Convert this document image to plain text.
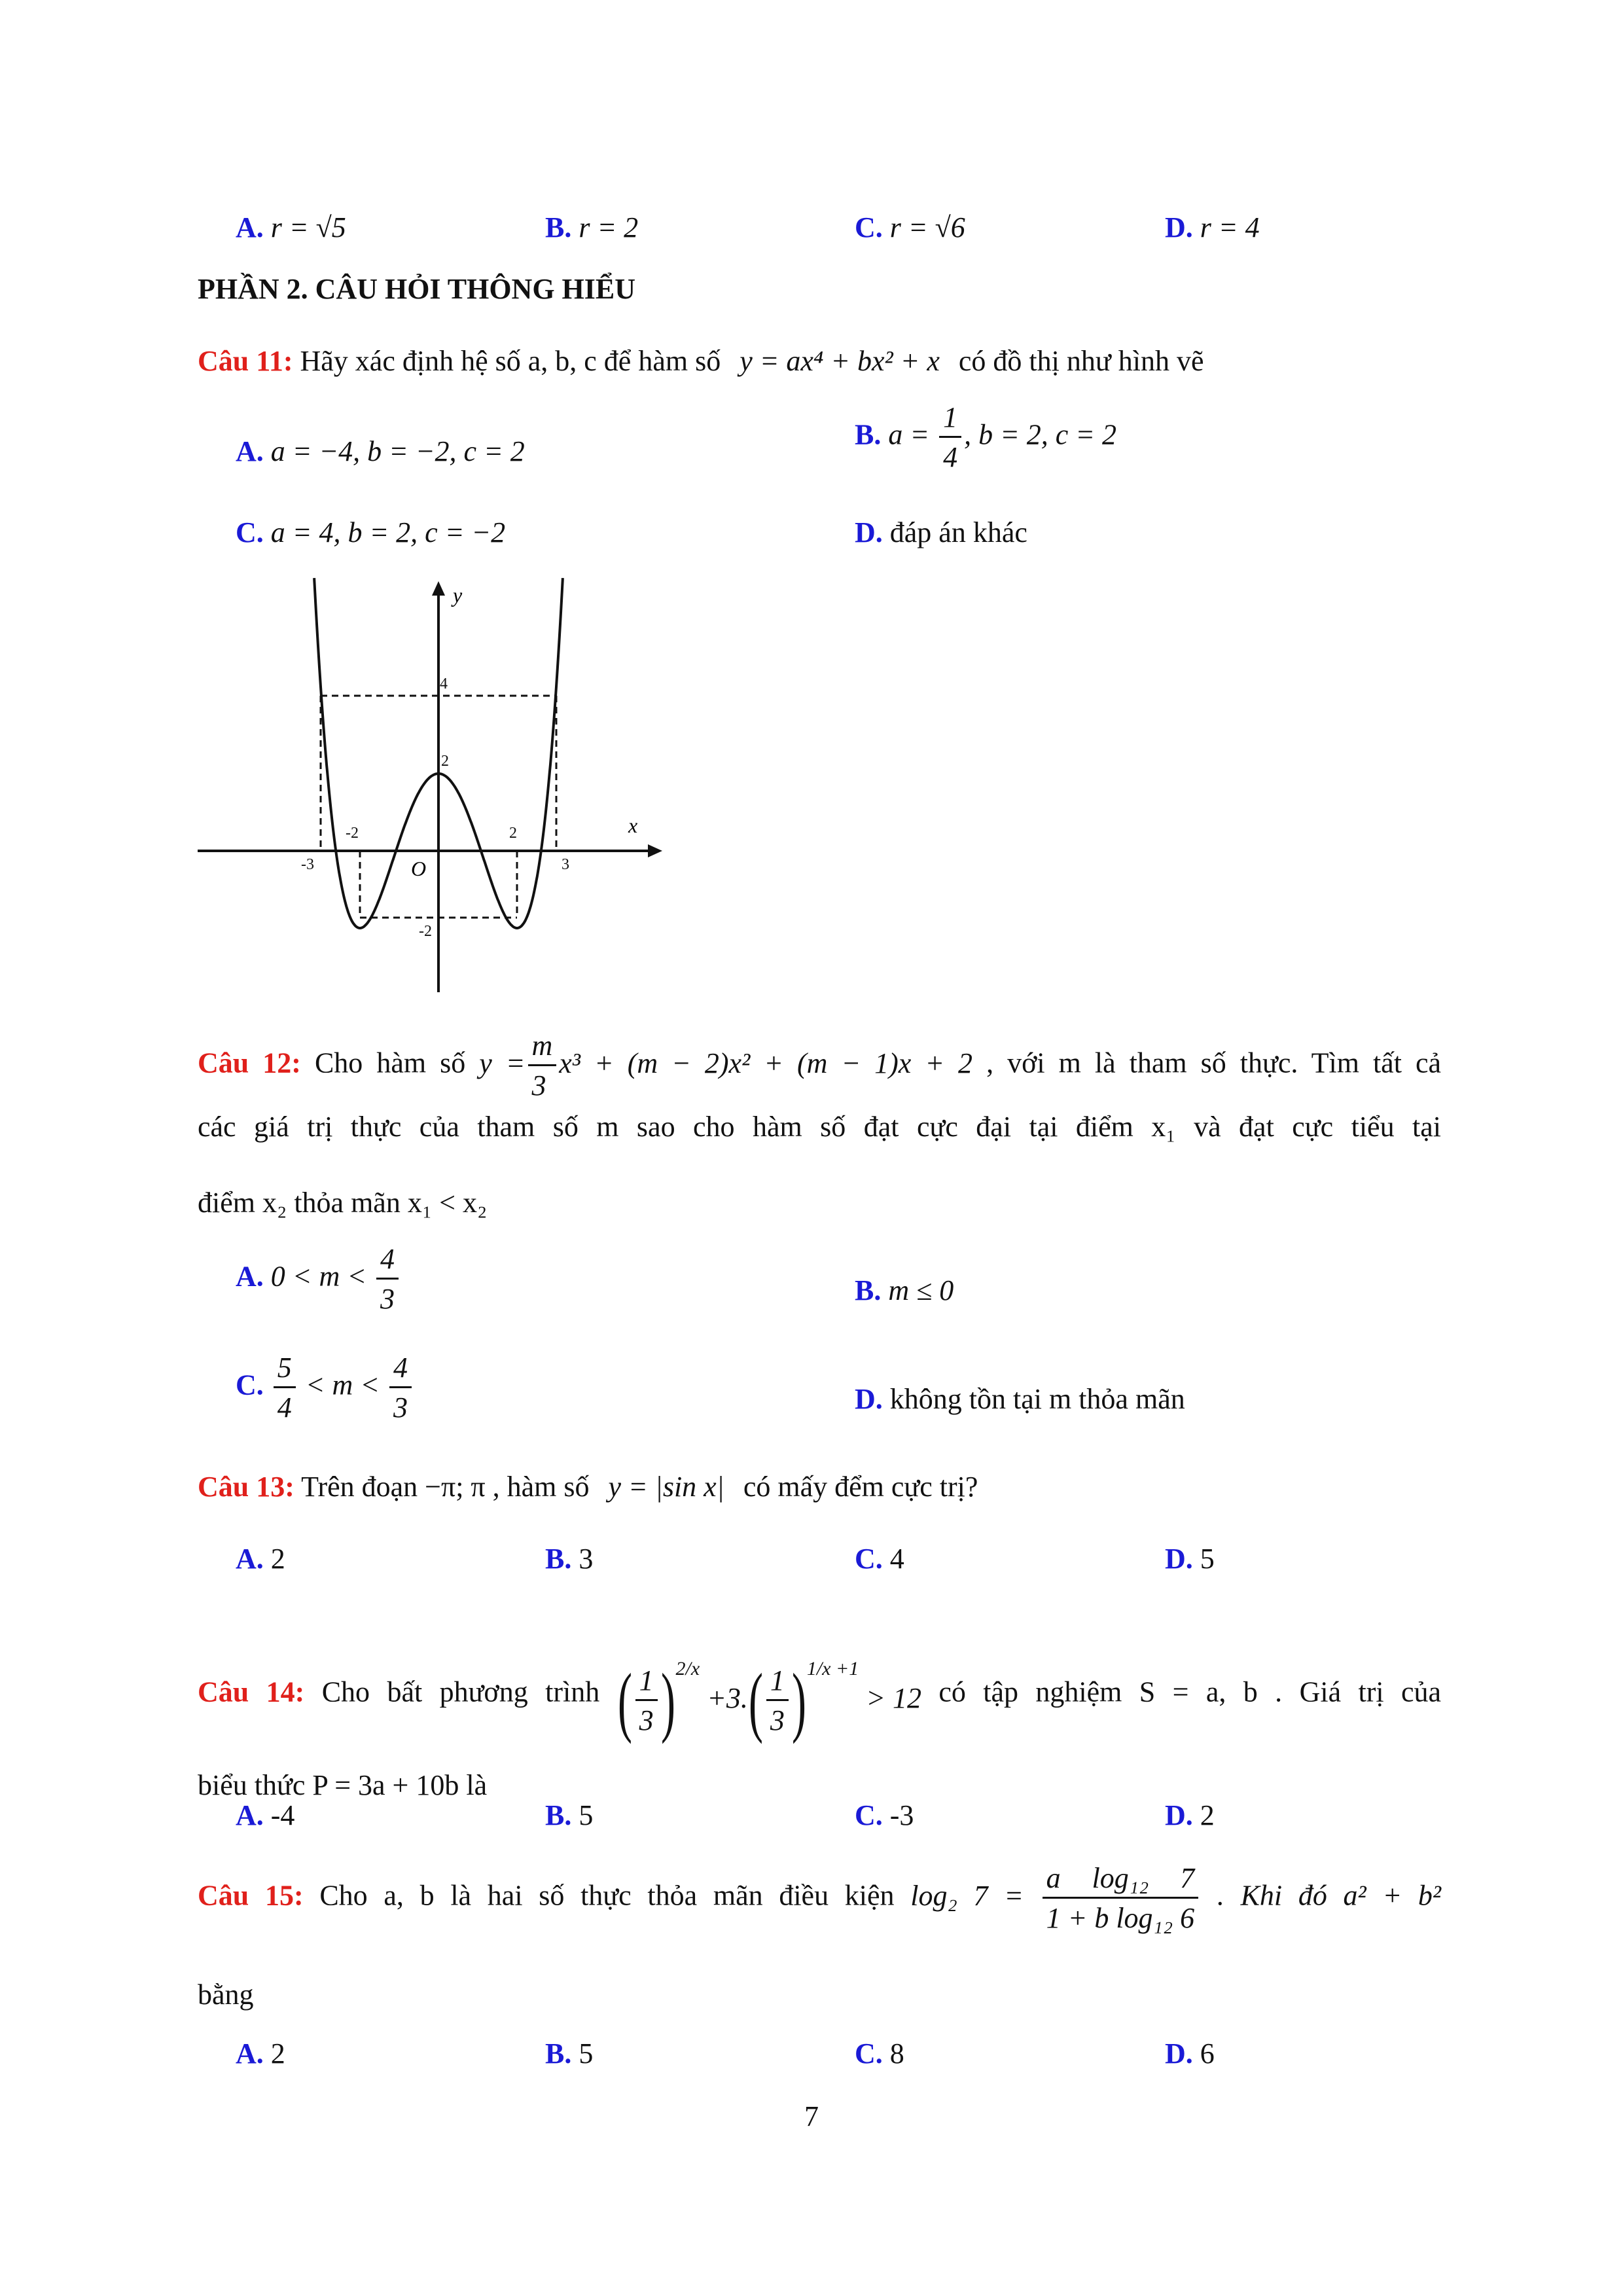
A. r = √5	B. r = 2	C. r = √6	D. r = 4
PHẦN 2. CÂU HỎI THÔNG HIỂU
Câu 11: Hãy xác định hệ số a, b, c để hàm số y = ax⁴ + bx² + x có đồ thị như hình vẽ
A. a = −4, b = −2, c = 2
B. $a = \frac{1}{4}$ , b = 2, c = 2
C. a = 4, b = 2, c = −2	D. đáp án khác
y
x
O
-3
-2	2
3
4
2
-2
Câu 12: Cho hàm số $y = \frac{m}{3} x^3 + (m - 2)x^2 + (m - 1)x + 2$ , với m là tham số thực. Tìm tất cả
các giá trị thực của tham số m sao cho hàm số đạt cực đại tại điểm x₁ và đạt cực tiểu tại
điểm x₂ thỏa mãn x₁ < x₂
A. $0 < m < \frac{4}{3}$	B. m ≤ 0
C. $\frac{5}{4} < m < \frac{4}{3}$	D. không tồn tại m thỏa mãn
Câu 13: Trên đoạn −π; π , hàm số y = |sin x| có mấy đểm cực trị?
A. 2	B. 3	C. 4	D. 5
Câu 14: Cho bất phương trình ( $\frac{1}{3} )^{2/x} +3.( \frac{1}{3} )^{1/x +1} > 12$ có tập nghiệm S = a, b . Giá trị của
biểu thức P = 3a + 10b là
A. -4	B. 5	C. -3	D. 2
Câu 15: Cho a, b là hai số thực thỏa mãn điều kiện log₂ $7 = \frac{\text{a log₁₂ 7}}{\text{1 + b log₁₂ 6}}$ . Khi đó a² + b²
bằng
A. 2	B. 5	C. 8	D. 6
7
